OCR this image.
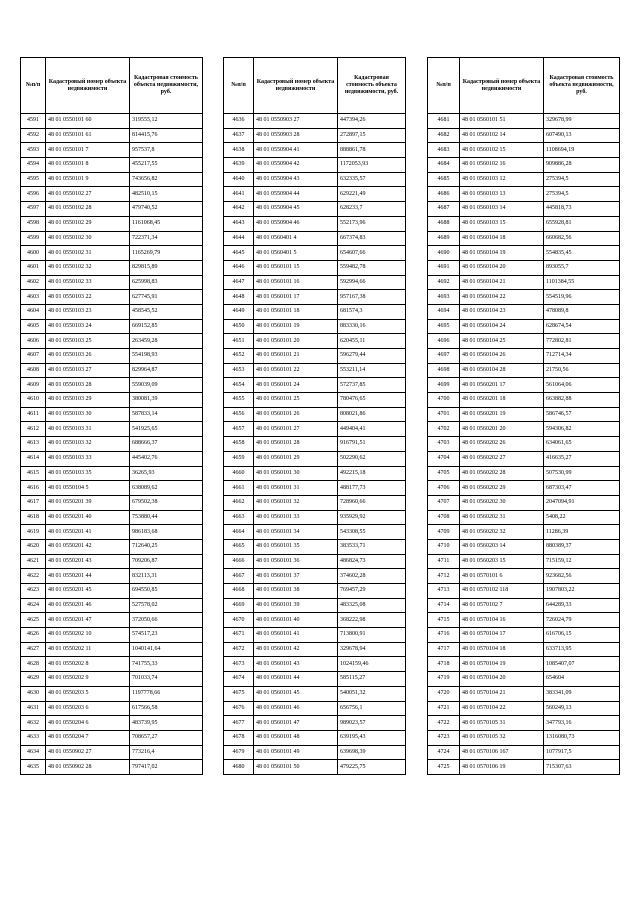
№п/п	Кадастровый номер объекта недвижимости	Кадастровая стоимость объекта недвижимости, руб.
4591	48 01 0550101 60	319555,12
4592	48 01 0550101 61	814415,76
4593	48 01 0550101 7	957537,8
4594	48 01 0550101 8	455217,55
4595	48 01 0550101 9	743656,82
4596	48 01 0550102 27	482510,15
4597	48 01 0550102 28	479740,52
4598	48 01 0550102 29	1161068,45
4599	48 01 0550102 30	722371,34
4600	48 01 0550102 31	1165269,79
4601	48 01 0550102 32	829815,89
4602	48 01 0550102 33	625998,83
4603	48 01 0550103 22	627745,91
4604	48 01 0550103 23	458545,52
4605	48 01 0550103 24	669152,85
4606	48 01 0550103 25	263459,28
4607	48 01 0550103 26	554198,93
4608	48 01 0550103 27	829964,87
4609	48 01 0550103 28	559039,09
4610	48 01 0550103 29	380081,39
4611	48 01 0550103 30	587833,14
4612	48 01 0550103 31	541925,65
4613	48 01 0550103 32	688666,37
4614	48 01 0550103 33	445402,76
4615	48 01 0550103 35	36265,93
4616	48 01 0550104 5	638089,62
4617	48 01 0550201 39	679502,38
4618	48 01 0550201 40	753880,44
4619	48 01 0550201 41	986183,68
4620	48 01 0550201 42	712640,25
4621	48 01 0550201 43	709206,87
4622	48 01 0550201 44	832113,31
4623	48 01 0550201 45	694550,85
4624	48 01 0550201 46	527578,02
4625	48 01 0550201 47	372050,66
4626	48 01 0550202 10	574517,23
4627	48 01 0550202 11	1040141,64
4628	48 01 0550202 8	741755,33
4629	48 01 0550202 9	701033,74
4630	48 01 0550203 5	1197778,66
4631	48 01 0550203 6	617566,58
4632	48 01 0550204 6	483739,95
4633	48 01 0550204 7	708657,27
4634	48 01 0550902 27	773216,4
4635	48 01 0550902 28	797417,02
№п/п	Кадастровый номер объекта недвижимости	Кадастровая стоимость объекта недвижимости, руб.
4636	48 01 0550903 27	447394,26
4637	48 01 0550903 28	272897,15
4638	48 01 0550904 41	888861,78
4639	48 01 0550904 42	1172053,93
4640	48 01 0550904 43	632335,57
4641	48 01 0550904 44	629221,49
4642	48 01 0550904 45	628233,7
4643	48 01 0550904 46	552173,96
4644	48 01 0560401 4	667374,83
4645	48 01 0560401 5	654607,66
4646	48 01 0560101 15	559482,78
4647	48 01 0560101 16	592994,66
4648	48 01 0560101 17	957167,38
4649	48 01 0560101 18	681574,3
4650	48 01 0560101 19	883330,16
4651	48 01 0560101 20	620455,11
4652	48 01 0560101 21	596279,44
4653	48 01 0560101 22	553211,14
4654	48 01 0560101 24	572737,85
4655	48 01 0560101 25	780476,65
4656	48 01 0560101 26	808021,86
4657	48 01 0560101 27	449404,41
4658	48 01 0560101 28	916791,51
4659	48 01 0560101 29	502290,62
4660	48 01 0560101 30	492215,18
4661	48 01 0560101 31	488177,73
4662	48 01 0560101 32	728960,66
4663	48 01 0560101 33	935929,92
4664	48 01 0560101 34	543308,55
4665	48 01 0560101 35	383533,71
4666	48 01 0560101 36	486824,73
4667	48 01 0560101 37	374602,28
4668	48 01 0560101 38	769457,29
4669	48 01 0560101 39	483325,08
4670	48 01 0560101 40	368222,98
4671	48 01 0560101 41	713800,91
4672	48 01 0560101 42	329678,94
4673	48 01 0560101 43	1024159,46
4674	48 01 0560101 44	585115,27
4675	48 01 0560101 45	540051,32
4676	48 01 0560101 46	656756,1
4677	48 01 0560101 47	989023,57
4678	48 01 0560101 48	639195,43
4679	48 01 0560101 49	639698,39
4680	48 01 0560101 50	479225,75
№п/п	Кадастровый номер объекта недвижимости	Кадастровая стоимость объекта недвижимости, руб.
4681	48 01 0560101 51	329678,99
4682	48 01 0560102 14	607490,13
4683	48 01 0560102 15	1108694,19
4684	48 01 0560102 16	909886,28
4685	48 01 0560103 12	275394,5
4686	48 01 0560103 13	275394,5
4687	48 01 0560103 14	445818,73
4688	48 01 0560103 15	655928,81
4689	48 01 0560104 18	660682,56
4690	48 01 0560104 19	554835,45
4691	48 01 0560104 20	893055,7
4692	48 01 0560104 21	1101384,55
4693	48 01 0560104 22	554519,96
4694	48 01 0560104 23	478089,8
4695	48 01 0560104 24	628674,54
4696	48 01 0560104 25	772802,81
4697	48 01 0560104 26	712714,34
4698	48 01 0560104 28	21750,56
4699	48 01 0560201 17	561064,06
4700	48 01 0560201 18	663882,88
4701	48 01 0560201 19	586746,57
4702	48 01 0560201 20	594306,82
4703	48 01 0560202 26	634061,65
4704	48 01 0560202 27	416635,27
4705	48 01 0560202 28	507530,99
4706	48 01 0560202 29	687303,47
4707	48 01 0560202 30	2047094,91
4708	48 01 0560202 31	5408,22
4709	48 01 0560202 32	11286,39
4710	48 01 0560203 14	880389,37
4711	48 01 0560203 15	715159,12
4712	48 01 0570101 6	923682,56
4713	48 01 0570102 118	1907803,22
4714	48 01 0570102 7	644289,33
4715	48 01 0570104 16	726024,79
4716	48 01 0570104 17	616706,15
4717	48 01 0570104 18	633713,95
4718	48 01 0570104 19	1085407,07
4719	48 01 0570104 20	654604
4720	48 01 0570104 21	383341,09
4721	48 01 0570104 22	560249,13
4722	48 01 0570105 31	347793,16
4723	48 01 0570105 32	1316080,73
4724	48 01 0570106 167	1077917,5
4725	48 01 0570106 19	715307,63
